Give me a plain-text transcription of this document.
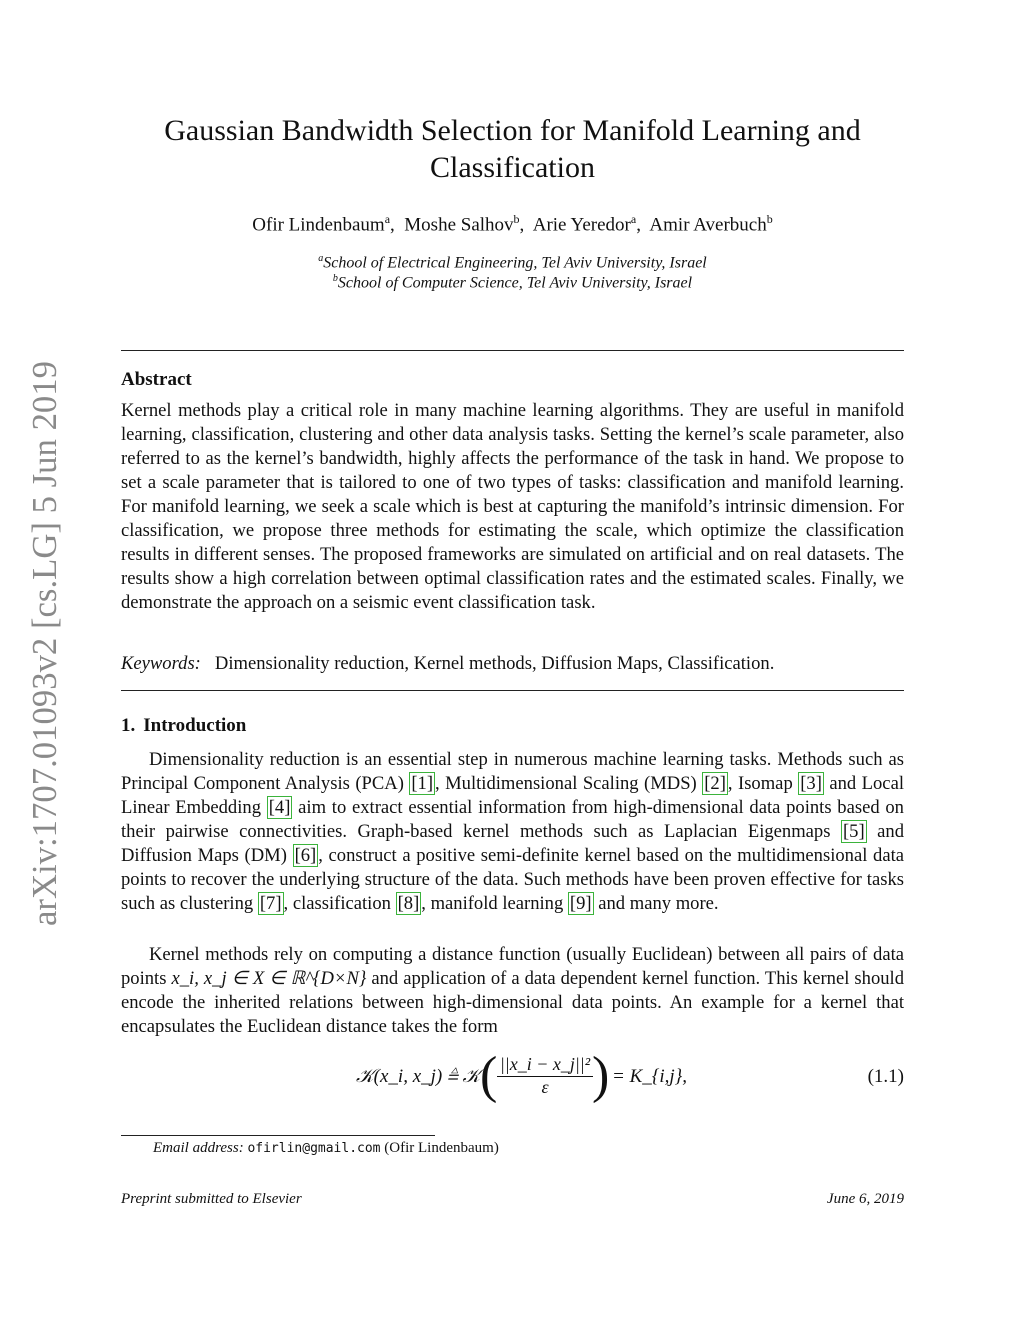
arXiv:1707.01093v2 [cs.LG] 5 Jun 2019
Gaussian Bandwidth Selection for Manifold Learning and Classification
Ofir Lindenbaum$^a$,  Moshe Salhov$^b$,  Arie Yeredor$^a$,  Amir Averbuch$^b$
$^a$School of Electrical Engineering, Tel Aviv University, Israel
$^b$School of Computer Science, Tel Aviv University, Israel
Abstract
Kernel methods play a critical role in many machine learning algorithms. They are useful in manifold learning, classification, clustering and other data analysis tasks. Setting the kernel’s scale parameter, also referred to as the kernel’s bandwidth, highly affects the performance of the task in hand. We propose to set a scale parameter that is tailored to one of two types of tasks: classification and manifold learning. For manifold learning, we seek a scale which is best at capturing the manifold’s intrinsic dimension. For classification, we propose three methods for estimating the scale, which optimize the classification results in different senses. The proposed frameworks are simulated on artificial and on real datasets. The results show a high correlation between optimal classification rates and the estimated scales. Finally, we demonstrate the approach on a seismic event classification task.
Keywords: Dimensionality reduction, Kernel methods, Diffusion Maps, Classification.
1. Introduction
Dimensionality reduction is an essential step in numerous machine learning tasks. Methods such as Principal Component Analysis (PCA) [1] , Multidimensional Scaling (MDS) [2] , Isomap [3] and Local Linear Embedding [4] aim to extract essential information from high-dimensional data points based on their pairwise connectivities. Graph-based kernel methods such as Laplacian Eigenmaps [5] and Diffusion Maps (DM) [6] , construct a positive semi-definite kernel based on the multidimensional data points to recover the underlying structure of the data. Such methods have been proven effective for tasks such as clustering [7] , classification [8] , manifold learning [9] and many more.
Kernel methods rely on computing a distance function (usually Euclidean) between all pairs of data points x_i, x_j ∈ X ∈ ℝ^{D×N} and application of a data dependent kernel function. This kernel should encode the inherited relations between high-dimensional data points. An example for a kernel that encapsulates the Euclidean distance takes the form
𝒦(x_i, x_j) ≜ 𝒦 ( $\frac{\text{||x\_i − x\_j||²}}{\varepsilon}$ ) = K_{i,j},	(1.1)
Email address: ofirlin@gmail.com (Ofir Lindenbaum)
Preprint submitted to Elsevier	June 6, 2019
